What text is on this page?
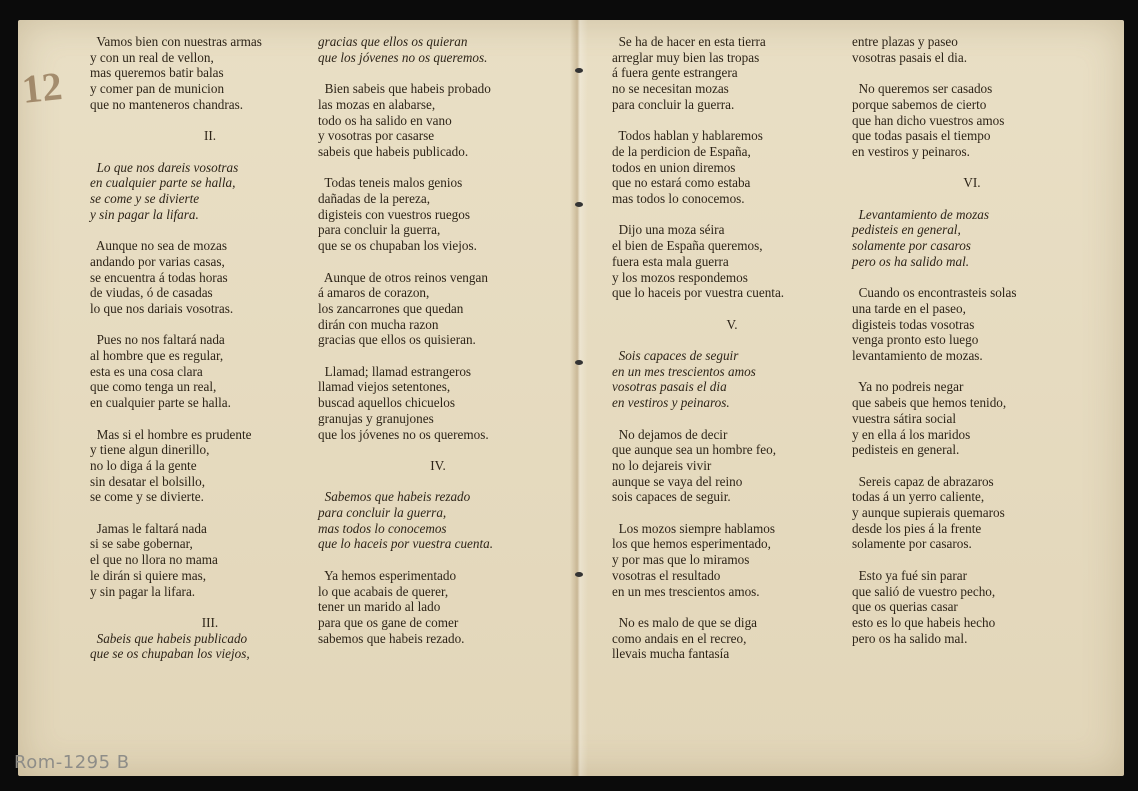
12

Vamos bien con nuestras armas
y con un real de vellon,
mas queremos batir balas
y comer pan de municion
que no manteneros chandras.

II.

Lo que nos dareis vosotras
en cualquier parte se halla,
se come y se divierte
y sin pagar la lifara.

Aunque no sea de mozas
andando por varias casas,
se encuentra á todas horas
de viudas, ó de casadas
lo que nos dariais vosotras.

Pues no nos faltará nada
al hombre que es regular,
esta es una cosa clara
que como tenga un real,
en cualquier parte se halla.

Mas si el hombre es prudente
y tiene algun dinerillo,
no lo diga á la gente
sin desatar el bolsillo,
se come y se divierte.

Jamas le faltará nada
si se sabe gobernar,
el que no llora no mama
le dirán si quiere mas,
y sin pagar la lifara.

III.

Sabeis que habeis publicado
que se os chupaban los viejos,

gracias que ellos os quieran
que los jóvenes no os queremos.

Bien sabeis que habeis probado
las mozas en alabarse,
todo os ha salido en vano
y vosotras por casarse
sabeis que habeis publicado.

Todas teneis malos genios
dañadas de la pereza,
digisteis con vuestros ruegos
para concluir la guerra,
que se os chupaban los viejos.

Aunque de otros reinos vengan
á amaros de corazon,
los zancarrones que quedan
dirán con mucha razon
gracias que ellos os quisieran.

Llamad; llamad estrangeros
llamad viejos setentones,
buscad aquellos chicuelos
granujas y granujones
que los jóvenes no os queremos.

IV.

Sabemos que habeis rezado
para concluir la guerra,
mas todos lo conocemos
que lo haceis por vuestra cuenta.

Ya hemos esperimentado
lo que acabais de querer,
tener un marido al lado
para que os gane de comer
sabemos que habeis rezado.

Se ha de hacer en esta tierra
arreglar muy bien las tropas
á fuera gente estrangera
no se necesitan mozas
para concluir la guerra.

Todos hablan y hablaremos
de la perdicion de España,
todos en union diremos
que no estará como estaba
mas todos lo conocemos.

Dijo una moza séira
el bien de España queremos,
fuera esta mala guerra
y los mozos respondemos
que lo haceis por vuestra cuenta.

V.

Sois capaces de seguir
en un mes trescientos amos
vosotras pasais el dia
en vestiros y peinaros.

No dejamos de decir
que aunque sea un hombre feo,
no lo dejareis vivir
aunque se vaya del reino
sois capaces de seguir.

Los mozos siempre hablamos
los que hemos esperimentado,
y por mas que lo miramos
vosotras el resultado
en un mes trescientos amos.

No es malo de que se diga
como andais en el recreo,
llevais mucha fantasía

entre plazas y paseo
vosotras pasais el dia.

No queremos ser casados
porque sabemos de cierto
que han dicho vuestros amos
que todas pasais el tiempo
en vestiros y peinaros.

VI.

Levantamiento de mozas
pedisteis en general,
solamente por casaros
pero os ha salido mal.

Cuando os encontrasteis solas
una tarde en el paseo,
digisteis todas vosotras
venga pronto esto luego
levantamiento de mozas.

Ya no podreis negar
que sabeis que hemos tenido,
vuestra sátira social
y en ella á los maridos
pedisteis en general.

Sereis capaz de abrazaros
todas á un yerro caliente,
y aunque supierais quemaros
desde los pies á la frente
solamente por casaros.

Esto ya fué sin parar
que salió de vuestro pecho,
que os querias casar
esto es lo que habeis hecho
pero os ha salido mal.

Rom-1295 B
